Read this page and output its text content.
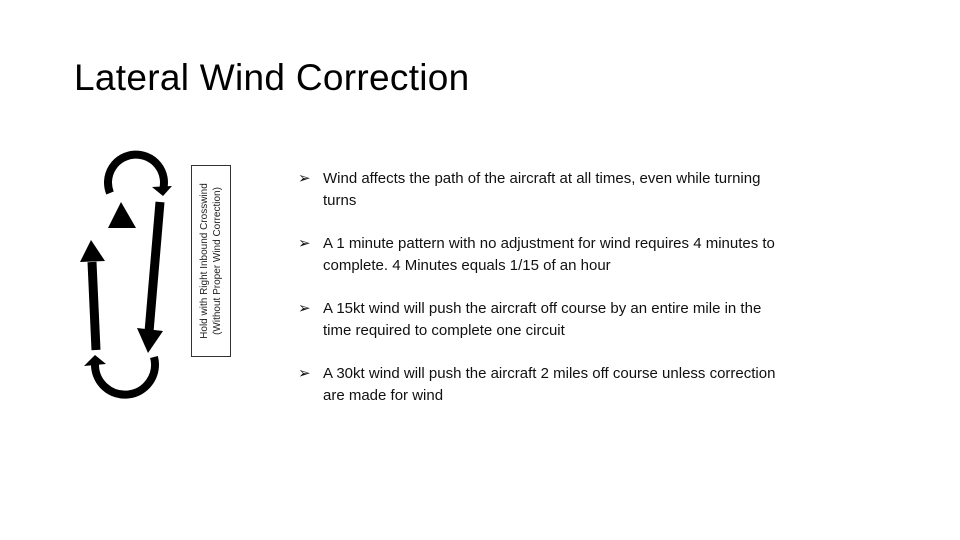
Lateral Wind Correction
Hold with Right Inbound Crosswind (Without Proper Wind Correction)
➢ Wind affects the path of the aircraft at all times, even while turning turns
➢ A 1 minute pattern with no adjustment for wind requires 4 minutes to complete. 4 Minutes equals 1/15 of an hour
➢ A 15kt wind will push the aircraft off course by an entire mile in the time required to complete one circuit
➢ A 30kt wind will push the aircraft 2 miles off course unless correction are made for wind
